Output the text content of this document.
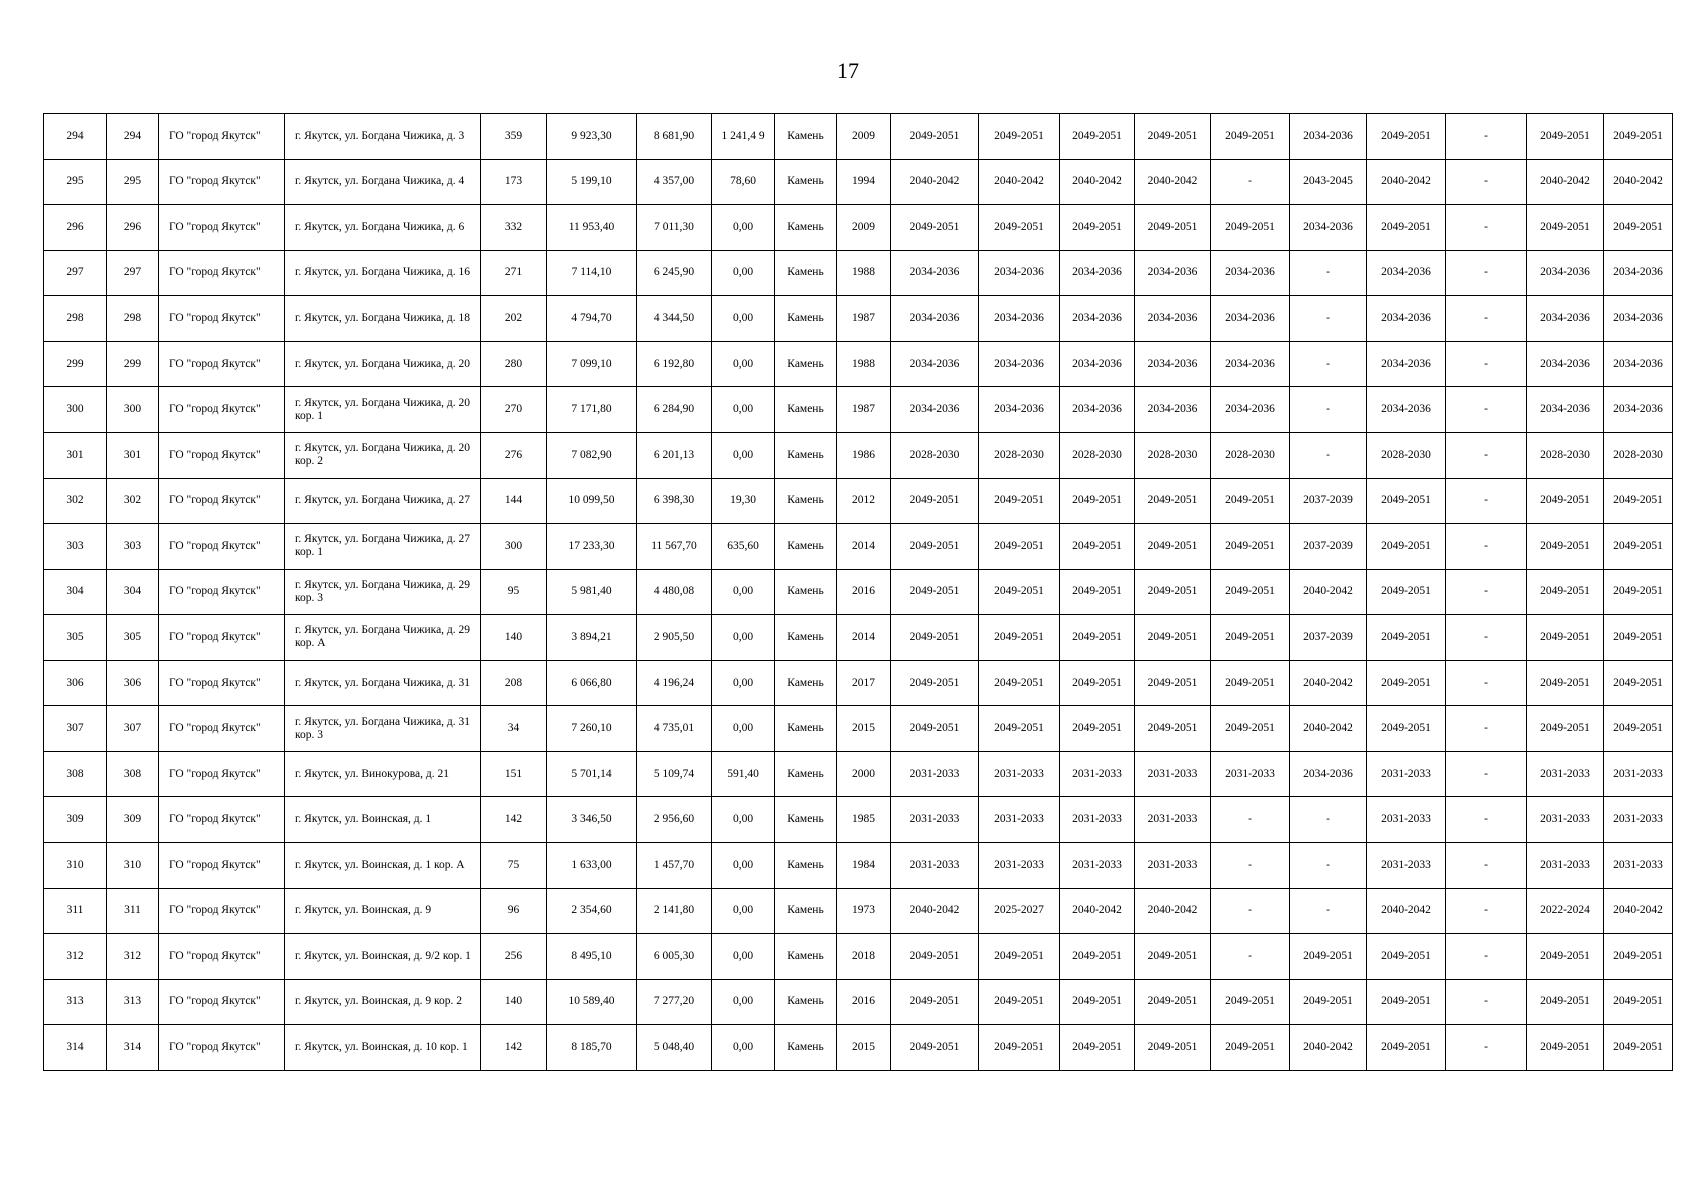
17
294	294	ГО "город Якутск"	г. Якутск, ул. Богдана Чижика, д. 3	359	9 923,30	8 681,90	1 241,4 9	Камень	2009	2049-2051	2049-2051	2049-2051	2049-2051	2049-2051	2034-2036	2049-2051	-	2049-2051	2049-2051
295	295	ГО "город Якутск"	г. Якутск, ул. Богдана Чижика, д. 4	173	5 199,10	4 357,00	78,60	Камень	1994	2040-2042	2040-2042	2040-2042	2040-2042	-	2043-2045	2040-2042	-	2040-2042	2040-2042
296	296	ГО "город Якутск"	г. Якутск, ул. Богдана Чижика, д. 6	332	11 953,40	7 011,30	0,00	Камень	2009	2049-2051	2049-2051	2049-2051	2049-2051	2049-2051	2034-2036	2049-2051	-	2049-2051	2049-2051
297	297	ГО "город Якутск"	г. Якутск, ул. Богдана Чижика, д. 16	271	7 114,10	6 245,90	0,00	Камень	1988	2034-2036	2034-2036	2034-2036	2034-2036	2034-2036	-	2034-2036	-	2034-2036	2034-2036
298	298	ГО "город Якутск"	г. Якутск, ул. Богдана Чижика, д. 18	202	4 794,70	4 344,50	0,00	Камень	1987	2034-2036	2034-2036	2034-2036	2034-2036	2034-2036	-	2034-2036	-	2034-2036	2034-2036
299	299	ГО "город Якутск"	г. Якутск, ул. Богдана Чижика, д. 20	280	7 099,10	6 192,80	0,00	Камень	1988	2034-2036	2034-2036	2034-2036	2034-2036	2034-2036	-	2034-2036	-	2034-2036	2034-2036
300	300	ГО "город Якутск"	г. Якутск, ул. Богдана Чижика, д. 20 кор. 1	270	7 171,80	6 284,90	0,00	Камень	1987	2034-2036	2034-2036	2034-2036	2034-2036	2034-2036	-	2034-2036	-	2034-2036	2034-2036
301	301	ГО "город Якутск"	г. Якутск, ул. Богдана Чижика, д. 20 кор. 2	276	7 082,90	6 201,13	0,00	Камень	1986	2028-2030	2028-2030	2028-2030	2028-2030	2028-2030	-	2028-2030	-	2028-2030	2028-2030
302	302	ГО "город Якутск"	г. Якутск, ул. Богдана Чижика, д. 27	144	10 099,50	6 398,30	19,30	Камень	2012	2049-2051	2049-2051	2049-2051	2049-2051	2049-2051	2037-2039	2049-2051	-	2049-2051	2049-2051
303	303	ГО "город Якутск"	г. Якутск, ул. Богдана Чижика, д. 27 кор. 1	300	17 233,30	11 567,70	635,60	Камень	2014	2049-2051	2049-2051	2049-2051	2049-2051	2049-2051	2037-2039	2049-2051	-	2049-2051	2049-2051
304	304	ГО "город Якутск"	г. Якутск, ул. Богдана Чижика, д. 29 кор. 3	95	5 981,40	4 480,08	0,00	Камень	2016	2049-2051	2049-2051	2049-2051	2049-2051	2049-2051	2040-2042	2049-2051	-	2049-2051	2049-2051
305	305	ГО "город Якутск"	г. Якутск, ул. Богдана Чижика, д. 29 кор. А	140	3 894,21	2 905,50	0,00	Камень	2014	2049-2051	2049-2051	2049-2051	2049-2051	2049-2051	2037-2039	2049-2051	-	2049-2051	2049-2051
306	306	ГО "город Якутск"	г. Якутск, ул. Богдана Чижика, д. 31	208	6 066,80	4 196,24	0,00	Камень	2017	2049-2051	2049-2051	2049-2051	2049-2051	2049-2051	2040-2042	2049-2051	-	2049-2051	2049-2051
307	307	ГО "город Якутск"	г. Якутск, ул. Богдана Чижика, д. 31 кор. 3	34	7 260,10	4 735,01	0,00	Камень	2015	2049-2051	2049-2051	2049-2051	2049-2051	2049-2051	2040-2042	2049-2051	-	2049-2051	2049-2051
308	308	ГО "город Якутск"	г. Якутск, ул. Винокурова, д. 21	151	5 701,14	5 109,74	591,40	Камень	2000	2031-2033	2031-2033	2031-2033	2031-2033	2031-2033	2034-2036	2031-2033	-	2031-2033	2031-2033
309	309	ГО "город Якутск"	г. Якутск, ул. Воинская, д. 1	142	3 346,50	2 956,60	0,00	Камень	1985	2031-2033	2031-2033	2031-2033	2031-2033	-	-	2031-2033	-	2031-2033	2031-2033
310	310	ГО "город Якутск"	г. Якутск, ул. Воинская, д. 1 кор. А	75	1 633,00	1 457,70	0,00	Камень	1984	2031-2033	2031-2033	2031-2033	2031-2033	-	-	2031-2033	-	2031-2033	2031-2033
311	311	ГО "город Якутск"	г. Якутск, ул. Воинская, д. 9	96	2 354,60	2 141,80	0,00	Камень	1973	2040-2042	2025-2027	2040-2042	2040-2042	-	-	2040-2042	-	2022-2024	2040-2042
312	312	ГО "город Якутск"	г. Якутск, ул. Воинская, д. 9/2 кор. 1	256	8 495,10	6 005,30	0,00	Камень	2018	2049-2051	2049-2051	2049-2051	2049-2051	-	2049-2051	2049-2051	-	2049-2051	2049-2051
313	313	ГО "город Якутск"	г. Якутск, ул. Воинская, д. 9 кор. 2	140	10 589,40	7 277,20	0,00	Камень	2016	2049-2051	2049-2051	2049-2051	2049-2051	2049-2051	2049-2051	2049-2051	-	2049-2051	2049-2051
314	314	ГО "город Якутск"	г. Якутск, ул. Воинская, д. 10 кор. 1	142	8 185,70	5 048,40	0,00	Камень	2015	2049-2051	2049-2051	2049-2051	2049-2051	2049-2051	2040-2042	2049-2051	-	2049-2051	2049-2051
